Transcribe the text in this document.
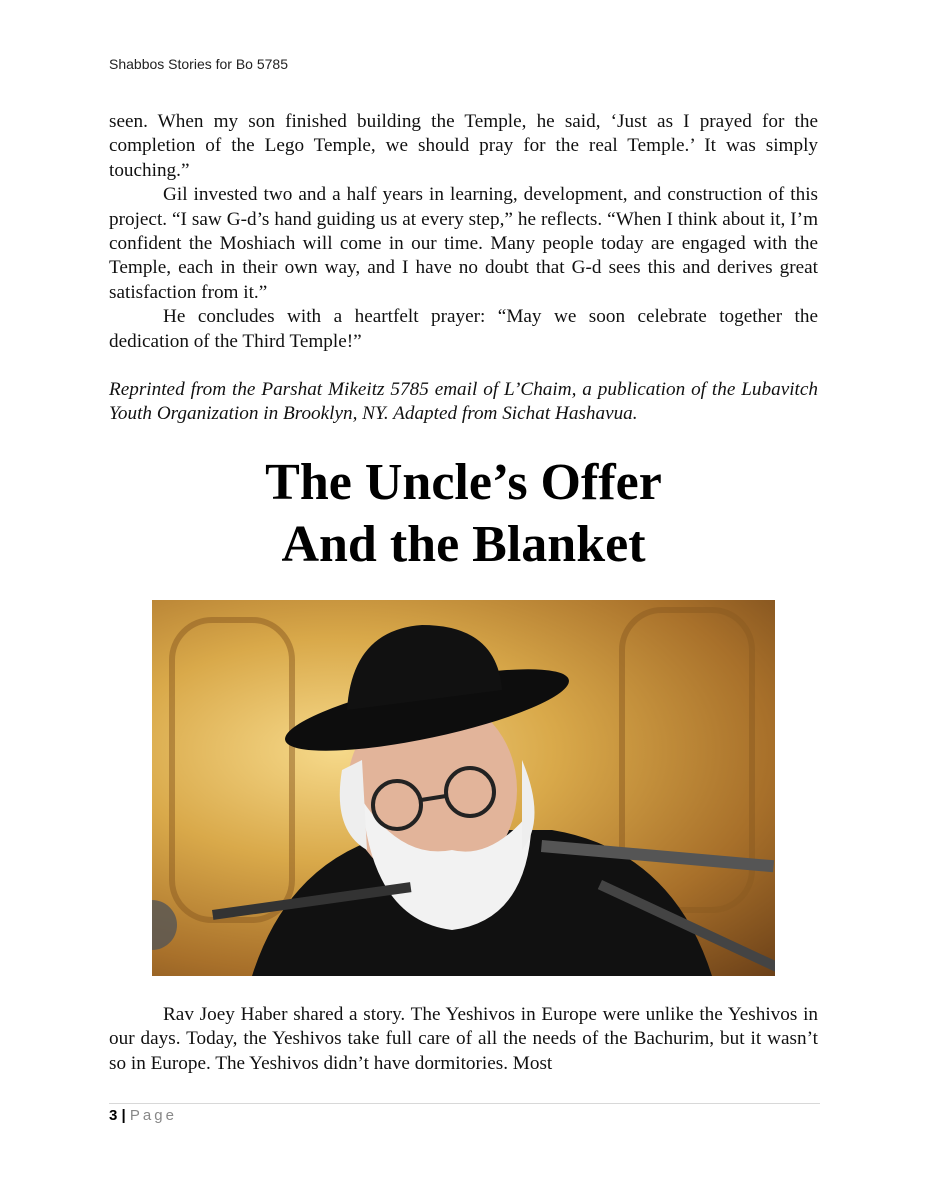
Shabbos Stories for Bo 5785

seen. When my son finished building the Temple, he said, ‘Just as I prayed for the completion of the Lego Temple, we should pray for the real Temple.’ It was simply touching.”

Gil invested two and a half years in learning, development, and construction of this project. “I saw G-d’s hand guiding us at every step,” he reflects. “When I think about it, I’m confident the Moshiach will come in our time. Many people today are engaged with the Temple, each in their own way, and I have no doubt that G-d sees this and derives great satisfaction from it.”

He concludes with a heartfelt prayer: “May we soon celebrate together the dedication of the Third Temple!”

Reprinted from the Parshat Mikeitz 5785 email of L’Chaim, a publication of the Lubavitch Youth Organization in Brooklyn, NY. Adapted from Sichat Hashavua.
The Uncle’s Offer
And the Blanket
Rav Joey Haber shared a story. The Yeshivos in Europe were unlike the Yeshivos in our days. Today, the Yeshivos take full care of all the needs of the Bachurim, but it wasn’t so in Europe. The Yeshivos didn’t have dormitories. Most
3 | Page
